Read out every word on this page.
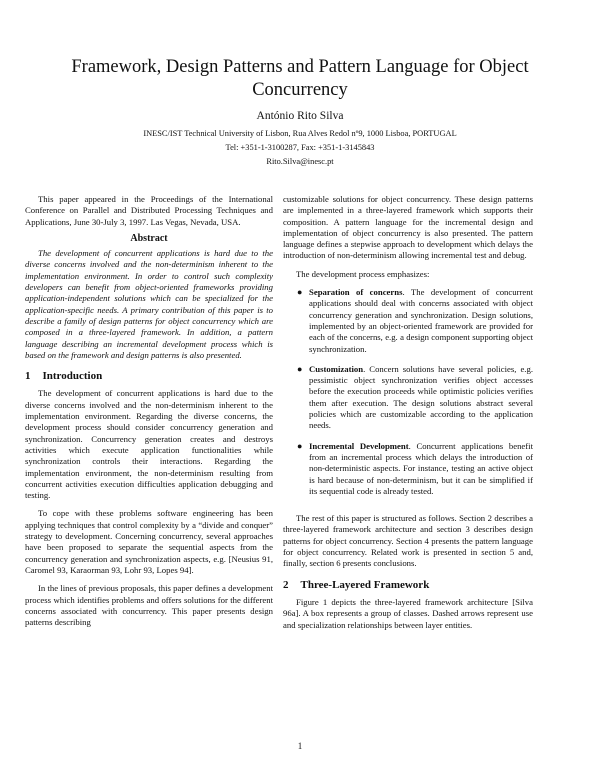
Framework, Design Patterns and Pattern Language for Object Concurrency

António Rito Silva

INESC/IST Technical University of Lisbon, Rua Alves Redol nº9, 1000 Lisboa, PORTUGAL

Tel: +351-1-3100287, Fax: +351-1-3145843

Rito.Silva@inesc.pt

This paper appeared in the Proceedings of the International Conference on Parallel and Distributed Processing Techniques and Applications, June 30-July 3, 1997. Las Vegas, Nevada, USA.

Abstract

The development of concurrent applications is hard due to the diverse concerns involved and the non-determinism inherent to the implementation environment. In order to control such complexity developers can benefit from object-oriented frameworks providing application-independent solutions which can be specialized for the application-specific needs. A primary contribution of this paper is to describe a family of design patterns for object concurrency which are composed in a three-layered framework. In addition, a pattern language describing an incremental development process which is based on the framework and design patterns is also presented.

1 Introduction

The development of concurrent applications is hard due to the diverse concerns involved and the non-determinism inherent to the implementation environment. Regarding the diverse concerns, the development process should consider concurrency generation and synchronization. Concurrency generation creates and destroys activities which execute application functionalities while synchronization controls their interactions. Regarding the implementation environment, the non-determinism resulting from concurrent activities execution difficulties application debugging and testing.

To cope with these problems software engineering has been applying techniques that control complexity by a “divide and conquer” strategy to development. Concerning concurrency, several approaches have been proposed to separate the sequential aspects from the concurrency generation and synchronization aspects, e.g. [Neusius 91, Caromel 93, Karaorman 93, Lohr 93, Lopes 94].

In the lines of previous proposals, this paper defines a development process which identifies problems and offers solutions for the different concerns associated with concurrency. This paper presents design patterns describing

customizable solutions for object concurrency. These design patterns are implemented in a three-layered framework which supports their composition. A pattern language for the incremental design and implementation of object concurrency is also presented. The pattern language defines a stepwise approach to development which delays the introduction of non-determinism allowing incremental test and debug.

The development process emphasizes:

● Separation of concerns. The development of concurrent applications should deal with concerns associated with object concurrency generation and synchronization. Design solutions, implemented by an object-oriented framework are provided for each of the concerns, e.g. a design component supporting object synchronization.
● Customization. Concern solutions have several policies, e.g. pessimistic object synchronization verifies object accesses before the execution proceeds while optimistic policies verifies them after execution. The design solutions abstract several policies which are customizable according to the application needs.
● Incremental Development. Concurrent applications benefit from an incremental process which delays the introduction of non-deterministic aspects. For instance, testing an active object is hard because of non-determinism, but it can be simplified if its sequential code is already tested.

The rest of this paper is structured as follows. Section 2 describes a three-layered framework architecture and section 3 describes design patterns for object concurrency. Section 4 presents the pattern language for object concurrency. Related work is presented in section 5 and, finally, section 6 presents conclusions.

2 Three-Layered Framework

Figure 1 depicts the three-layered framework architecture [Silva 96a]. A box represents a group of classes. Dashed arrows represent use and specialization relationships between layer entities.

1
